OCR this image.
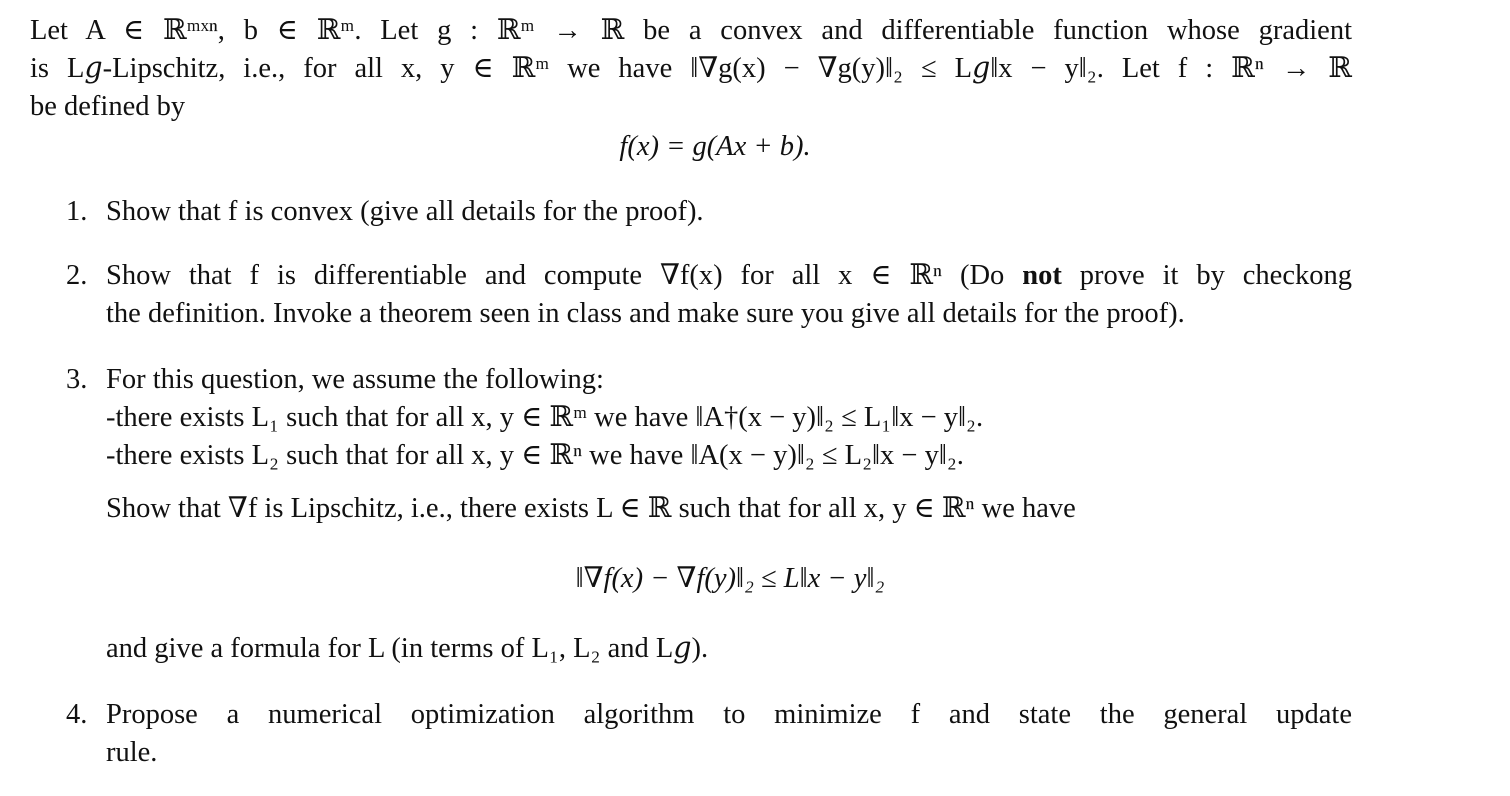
Let A ∈ ℝᵐˣⁿ, b ∈ ℝᵐ. Let g : ℝᵐ → ℝ be a convex and differentiable function whose gradient
is L𝑔-Lipschitz, i.e., for all x, y ∈ ℝᵐ we have ‖∇g(x) − ∇g(y)‖₂ ≤ L𝑔‖x − y‖₂. Let f : ℝⁿ → ℝ
be defined by
f(x) = g(Ax + b).
1. Show that f is convex (give all details for the proof).
2. Show that f is differentiable and compute ∇f(x) for all x ∈ ℝⁿ (Do not prove it by checkong
the definition. Invoke a theorem seen in class and make sure you give all details for the proof).
3. For this question, we assume the following:
-there exists L₁ such that for all x, y ∈ ℝᵐ we have ‖A†(x − y)‖₂ ≤ L₁‖x − y‖₂.
-there exists L₂ such that for all x, y ∈ ℝⁿ we have ‖A(x − y)‖₂ ≤ L₂‖x − y‖₂.
Show that ∇f is Lipschitz, i.e., there exists L ∈ ℝ such that for all x, y ∈ ℝⁿ we have
‖∇f(x) − ∇f(y)‖₂ ≤ L‖x − y‖₂
and give a formula for L (in terms of L₁, L₂ and L𝑔).
4. Propose a numerical optimization algorithm to minimize f and state the general update
rule.
